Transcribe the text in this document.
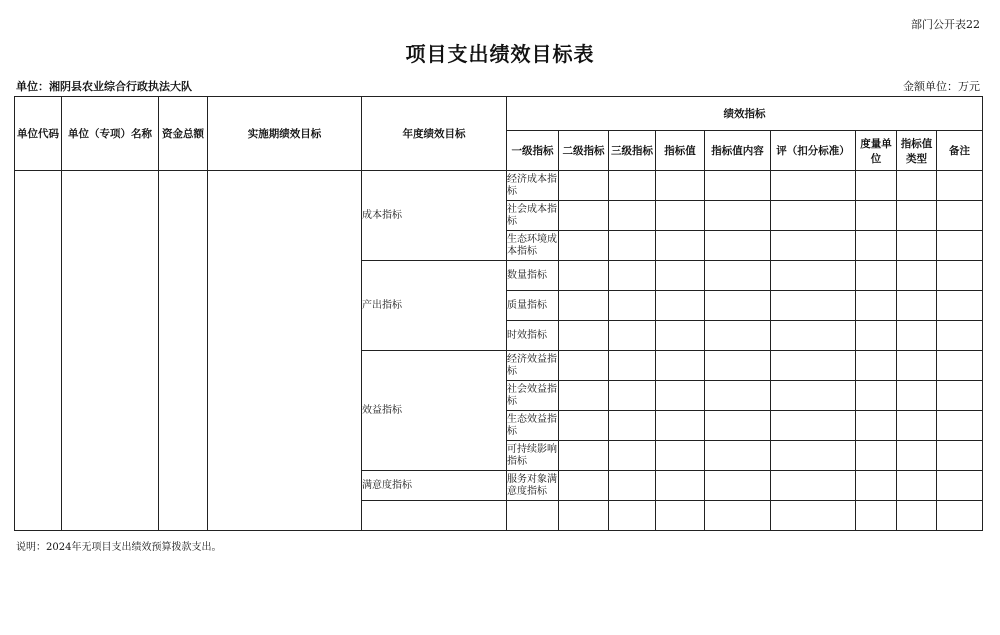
部门公开表22
项目支出绩效目标表
单位：湘阴县农业综合行政执法大队	金额单位：万元
单位代码	单位（专项）名称	资金总额	实施期绩效目标	年度绩效目标	绩效指标								
					一级指标	二级指标	三级指标	指标值	指标值内容	评（扣分标准）	度量单位	指标值类型	备注
				成本指标	经济成本指标								
					社会成本指标								
					生态环境成本指标								
				产出指标	数量指标								
					质量指标								
					时效指标								
				效益指标	经济效益指标								
					社会效益指标								
					生态效益指标								
					可持续影响指标								
				满意度指标	服务对象满意度指标								

说明：2024年无项目支出绩效预算拨款支出。
